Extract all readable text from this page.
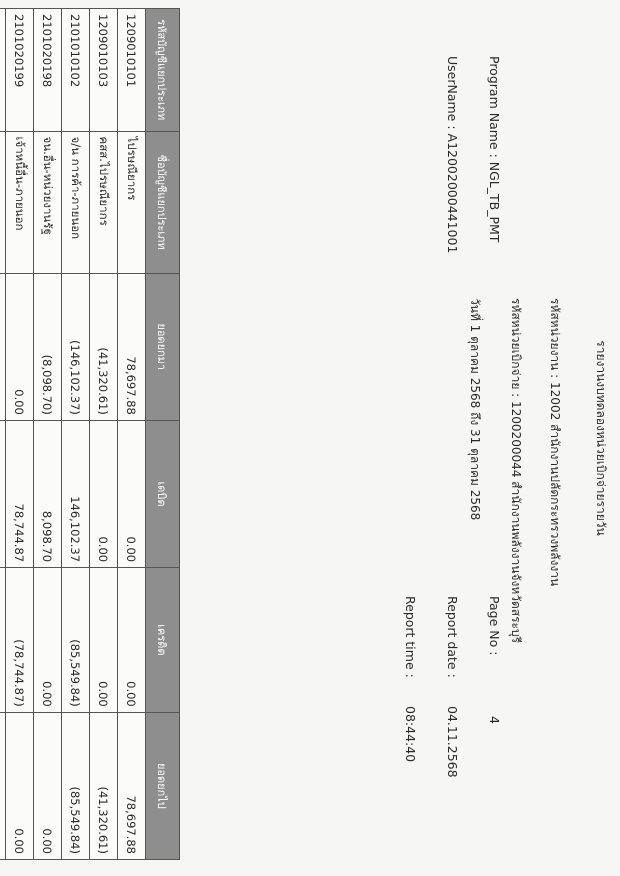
รายงานงบทดลองหน่วยเบิกจ่ายรายวัน
Program Name : NGL_TB_PMT
UserName : A12002000441001
รหัสหน่วยงาน : 12002 สำนักงานปลัดกระทรวงพลังงาน
รหัสหน่วยเบิกจ่าย : 1200200044 สำนักงานพลังงานจังหวัดสระบุรี
วันที่ 1 ตุลาคม 2568 ถึง 31 ตุลาคม 2568
Page No :
4
Report date :
04.11.2568
Report time :
08:44:40
รหัสบัญชีแยกประเภท	ชื่อบัญชีแยกประเภท	ยอดยกมา	เดบิต	เครดิต	ยอดยกไป
1209010101	ไปรษณียากร	78,697.88	0.00	0.00	78,697.88
1209010103	คสส.ไปรษณียากร	(41,320.61)	0.00	0.00	(41,320.61)
2101010102	จ/น การค้า-ภายนอก	(146,102.37)	146,102.37	(85,549.84)	(85,549.84)
2101020198	จน.อื่น-หน่วยงานรัฐ	(8,098.70)	8,098.70	0.00	0.00
2101020199	เจ้าหนี้อื่น-ภายนอก	0.00	78,744.87	(78,744.87)	0.00
